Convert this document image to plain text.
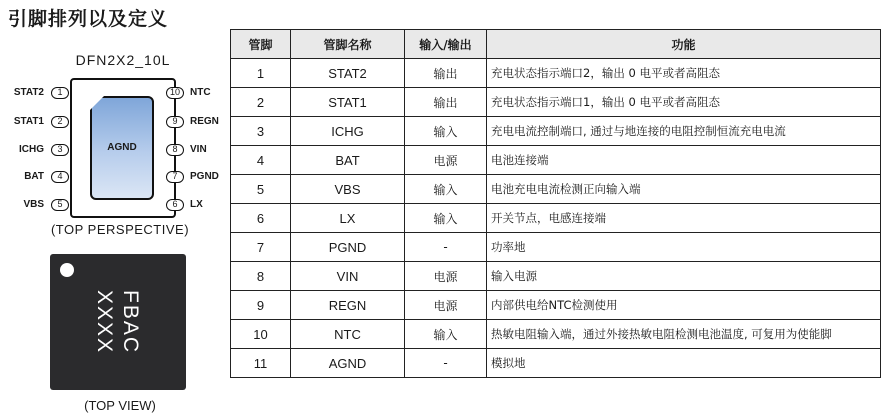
引脚排列以及定义
DFN2X2_10L
AGND
STAT2	1
STAT1	2
ICHG	3
BAT	4
VBS	5
10	NTC
9	REGN
8	VIN
7	PGND
6	LX
(TOP PERSPECTIVE)
FBAC
XXXX
(TOP VIEW)
管脚	管脚名称	输入/输出	功能
1	STAT2	输出	充电状态指示端口2，输出 0 电平或者高阻态
2	STAT1	输出	充电状态指示端口1，输出 0 电平或者高阻态
3	ICHG	输入	充电电流控制端口, 通过与地连接的电阻控制恒流充电电流
4	BAT	电源	电池连接端
5	VBS	输入	电池充电电流检测正向输入端
6	LX	输入	开关节点，电感连接端
7	PGND	-	功率地
8	VIN	电源	输入电源
9	REGN	电源	内部供电给NTC检测使用
10	NTC	输入	热敏电阻输入端，通过外接热敏电阻检测电池温度, 可复用为使能脚
11	AGND	-	模拟地
